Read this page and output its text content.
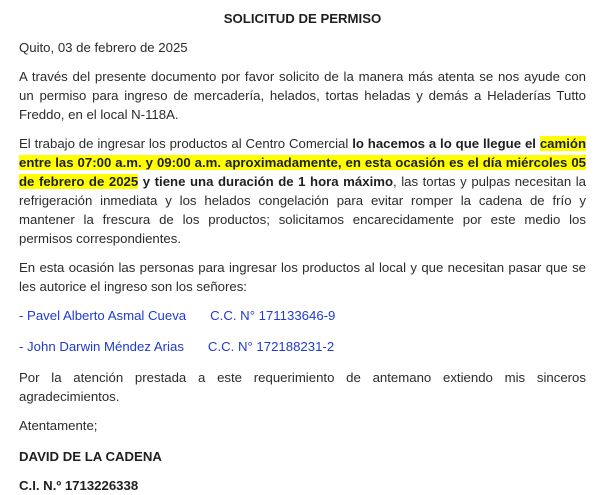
SOLICITUD DE PERMISO

Quito, 03 de febrero de 2025

A través del presente documento por favor solicito de la manera más atenta se nos ayude con un permiso para ingreso de mercadería, helados, tortas heladas y demás a Heladerías Tutto Freddo, en el local N-118A.

El trabajo de ingresar los productos al Centro Comercial lo hacemos a lo que llegue el camión entre las 07:00 a.m. y 09:00 a.m. aproximadamente, en esta ocasión es el día miércoles 05 de febrero de 2025 y tiene una duración de 1 hora máximo, las tortas y pulpas necesitan la refrigeración inmediata y los helados congelación para evitar romper la cadena de frío y mantener la frescura de los productos; solicitamos encarecidamente por este medio los permisos correspondientes.

En esta ocasión las personas para ingresar los productos al local y que necesitan pasar que se les autorice el ingreso son los señores:

- Pavel Alberto Asmal Cueva C.C. N° 171133646-9

- John Darwin Méndez Arias C.C. N° 172188231-2

Por la atención prestada a este requerimiento de antemano extiendo mis sinceros agradecimientos.

Atentamente;

DAVID DE LA CADENA

C.I. N.º 1713226338
